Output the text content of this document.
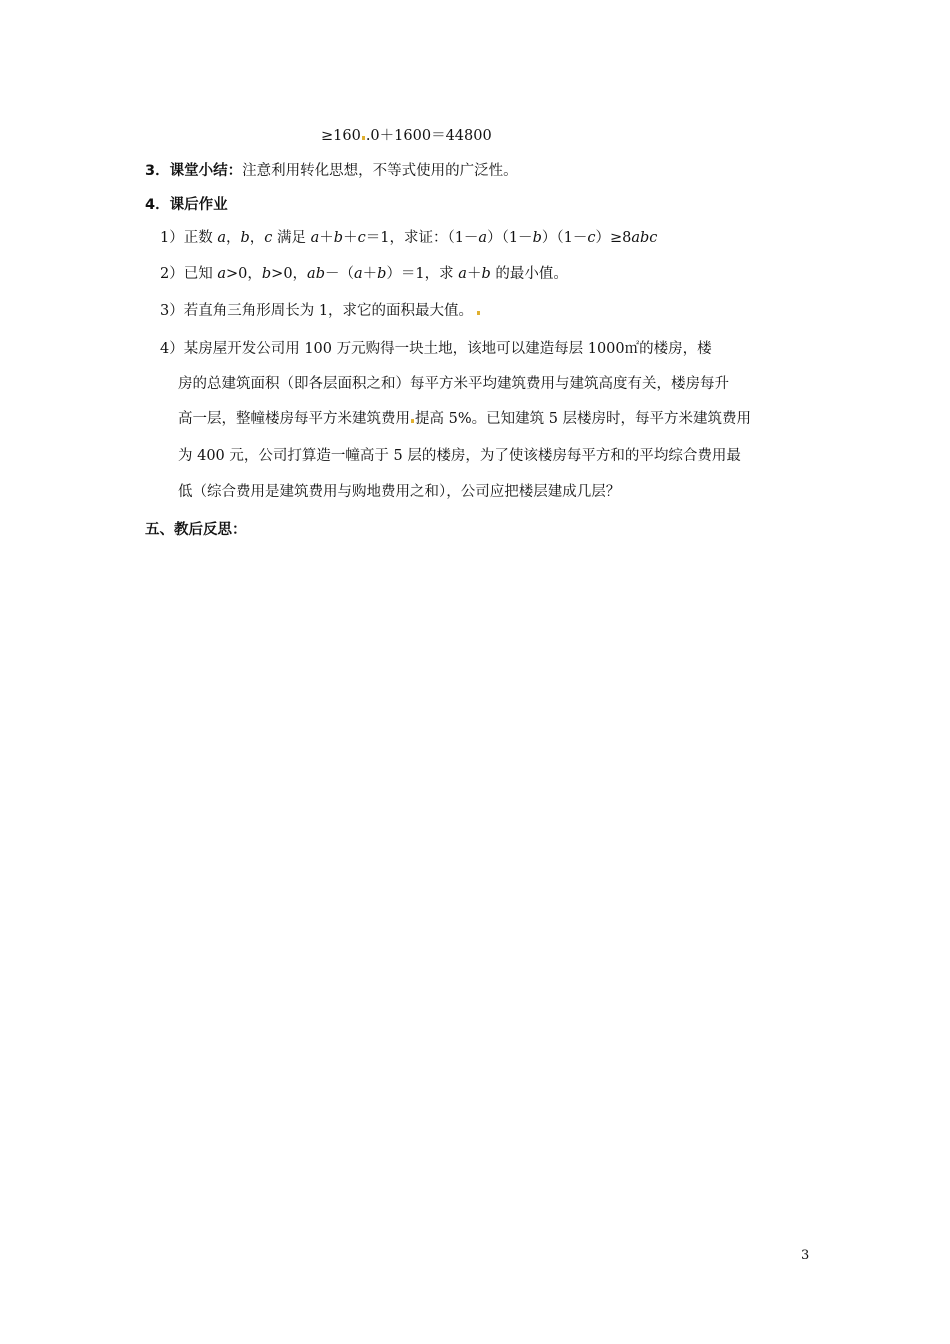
≥160 .0＋1600＝44800
3．课堂小结：注意利用转化思想，不等式使用的广泛性。
4．课后作业
1）正数 a，b，c 满足 a＋b＋c＝1，求证：（1－a）（1－b）（1－c）≥8abc
2）已知 a>0，b>0，ab－（a＋b）＝1，求 a＋b 的最小值。
3）若直角三角形周长为 1，求它的面积最大值。
4）某房屋开发公司用 100 万元购得一块土地，该地可以建造每层 1000㎡的楼房，楼
房的总建筑面积（即各层面积之和）每平方米平均建筑费用与建筑高度有关，楼房每升
高一层，整幢楼房每平方米建筑费用 提高 5%。已知建筑 5 层楼房时，每平方米建筑费用
为 400 元，公司打算造一幢高于 5 层的楼房，为了使该楼房每平方和的平均综合费用最
低（综合费用是建筑费用与购地费用之和），公司应把楼层建成几层？
五、教后反思：
3
